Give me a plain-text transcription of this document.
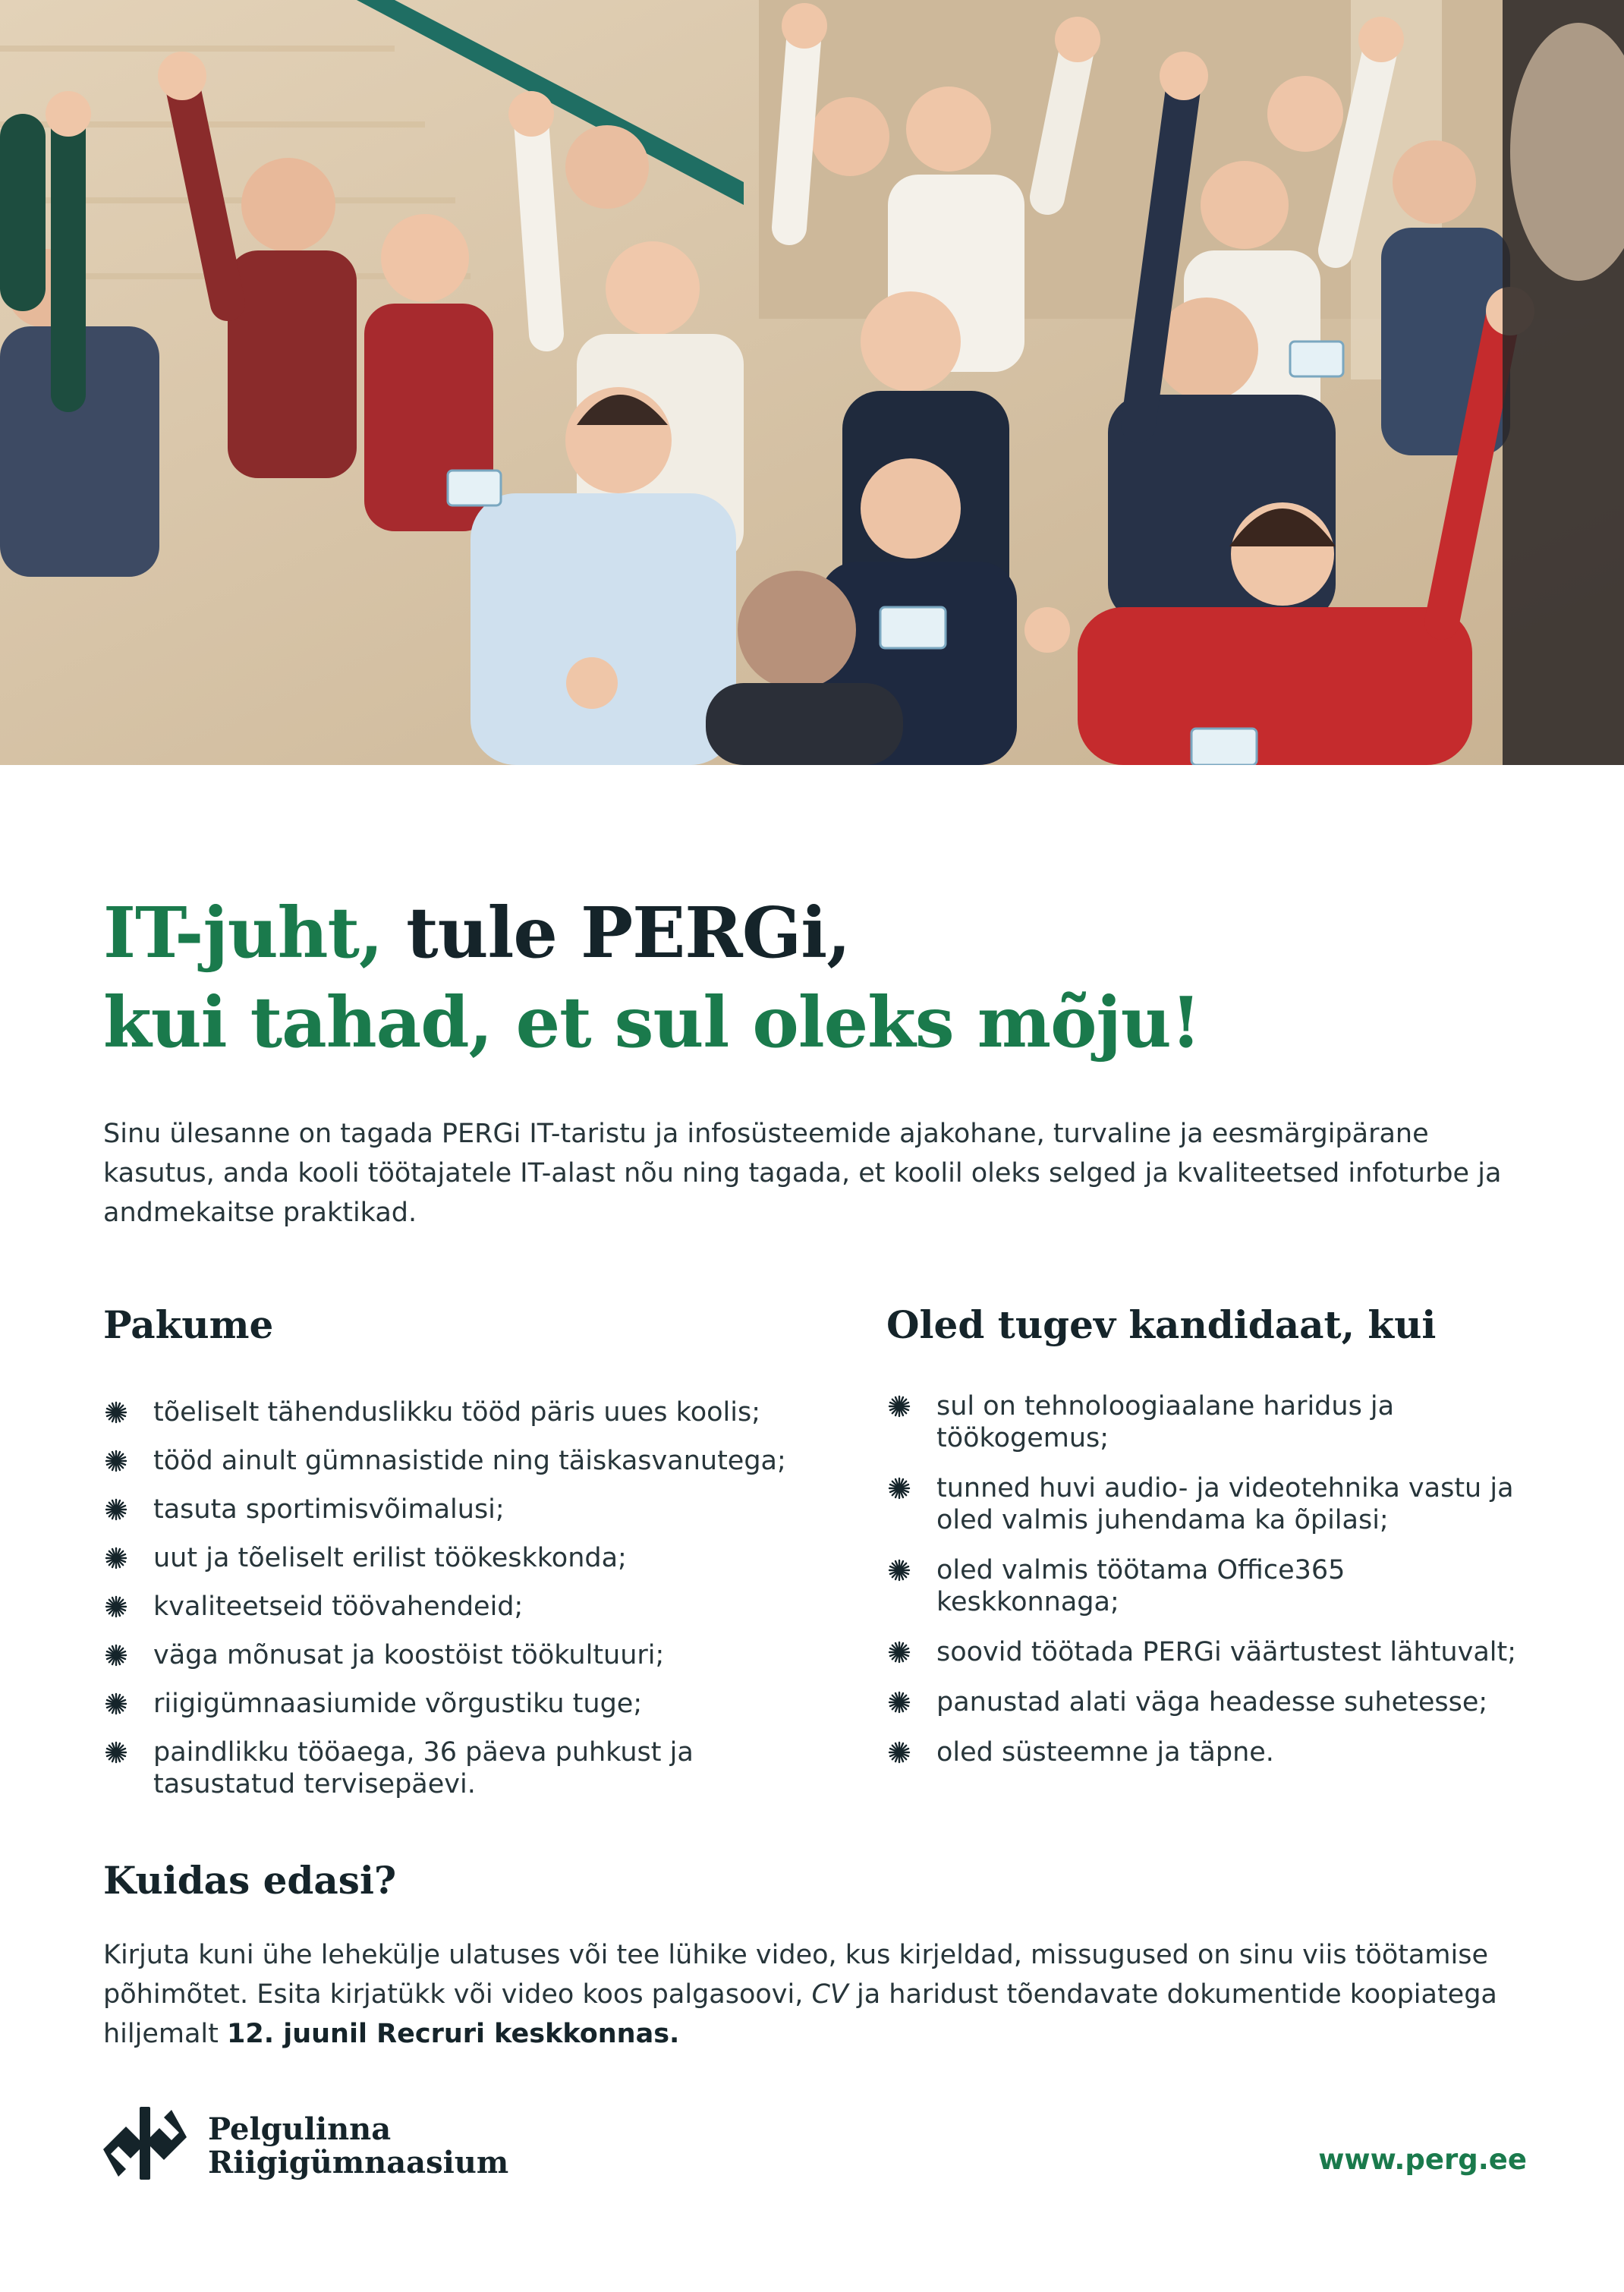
IT-juht, tule PERGi,
kui tahad, et sul oleks mõju!

Sinu ülesanne on tagada PERGi IT-taristu ja infosüsteemide ajakohane, turvaline ja eesmärgipärane kasutus, anda kooli töötajatele IT-alast nõu ning tagada, et koolil oleks selged ja kvaliteetsed infoturbe ja andmekaitse praktikad.

Pakume
tõeliselt tähenduslikku tööd päris uues koolis;
tööd ainult gümnasistide ning täiskasvanutega;
tasuta sportimisvõimalusi;
uut ja tõeliselt erilist töökeskkonda;
kvaliteetseid töövahendeid;
väga mõnusat ja koostöist töökultuuri;
riigigümnaasiumide võrgustiku tuge;
paindlikku tööaega, 36 päeva puhkust ja tasustatud tervisepäevi.
Oled tugev kandidaat, kui
sul on tehnoloogiaalane haridus ja töökogemus;
tunned huvi audio- ja videotehnika vastu ja oled valmis juhendama ka õpilasi;
oled valmis töötama Office365 keskkonnaga;
soovid töötada PERGi väärtustest lähtuvalt;
panustad alati väga headesse suhetesse;
oled süsteemne ja täpne.
Kuidas edasi?

Kirjuta kuni ühe lehekülje ulatuses või tee lühike video, kus kirjeldad, missugused on sinu viis töötamise põhimõtet. Esita kirjatükk või video koos palgasoovi, CV ja haridust tõendavate dokumentide koopiatega hiljemalt 12. juunil Recruri keskkonnas.

Pelgulinna
Riigigümnaasium	www.perg.ee
